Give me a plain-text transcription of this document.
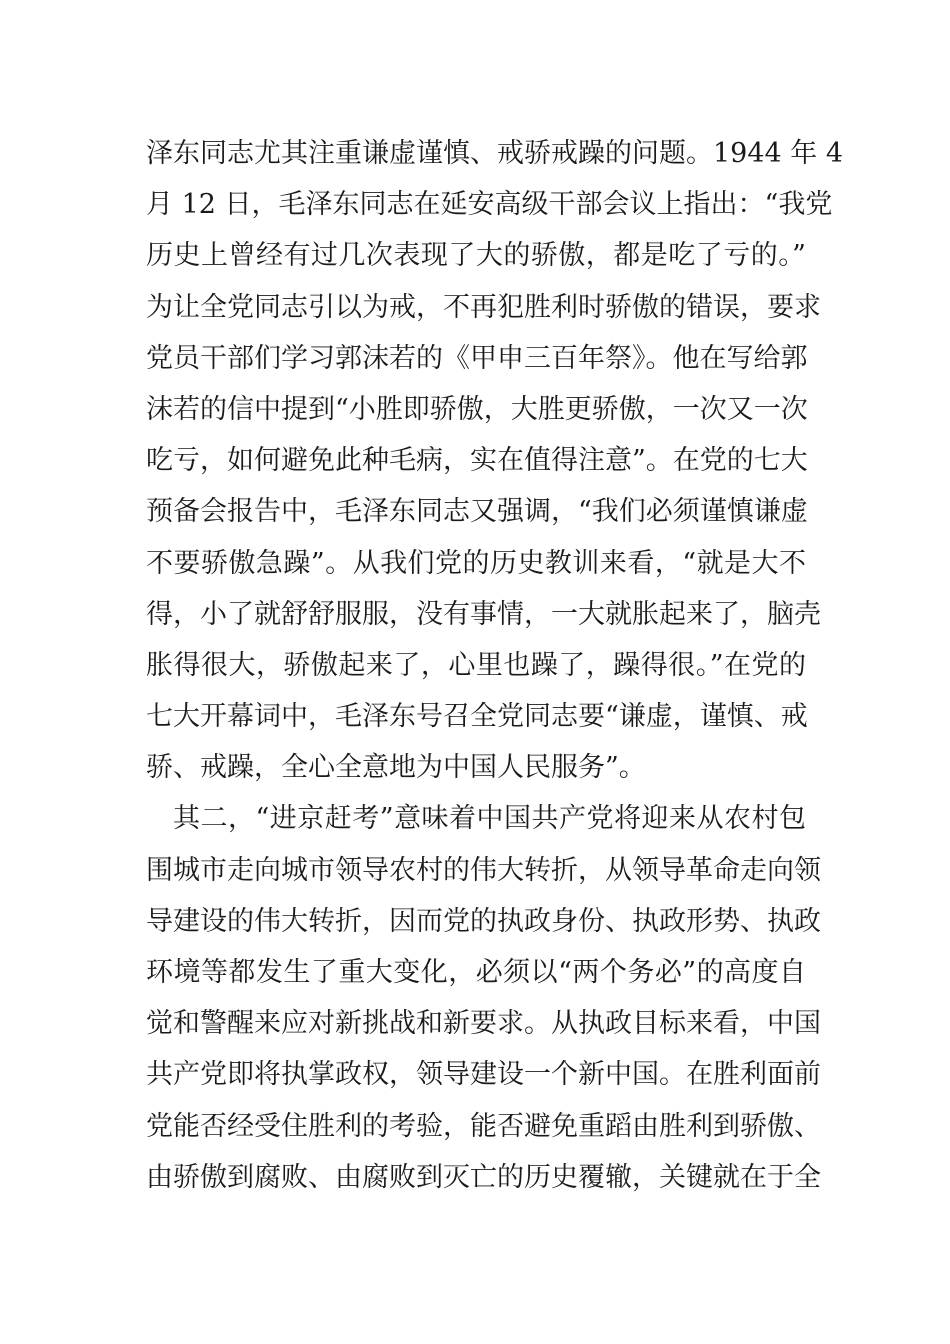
泽东同志尤其注重谦虚谨慎、戒骄戒躁的问题。1944 年 4
月 12 日，毛泽东同志在延安高级干部会议上指出：“我党
历史上曾经有过几次表现了大的骄傲，都是吃了亏的。”
为让全党同志引以为戒，不再犯胜利时骄傲的错误，要求
党员干部们学习郭沫若的《甲申三百年祭》。他在写给郭
沫若的信中提到“小胜即骄傲，大胜更骄傲，一次又一次
吃亏，如何避免此种毛病，实在值得注意”。在党的七大
预备会报告中，毛泽东同志又强调，“我们必须谨慎谦虚
不要骄傲急躁”。从我们党的历史教训来看，“就是大不
得，小了就舒舒服服，没有事情，一大就胀起来了，脑壳
胀得很大，骄傲起来了，心里也躁了，躁得很。”在党的
七大开幕词中，毛泽东号召全党同志要“谦虚，谨慎、戒
骄、戒躁，全心全意地为中国人民服务”。
其二，“进京赶考”意味着中国共产党将迎来从农村包
围城市走向城市领导农村的伟大转折，从领导革命走向领
导建设的伟大转折，因而党的执政身份、执政形势、执政
环境等都发生了重大变化，必须以“两个务必”的高度自
觉和警醒来应对新挑战和新要求。从执政目标来看，中国
共产党即将执掌政权，领导建设一个新中国。在胜利面前
党能否经受住胜利的考验，能否避免重蹈由胜利到骄傲、
由骄傲到腐败、由腐败到灭亡的历史覆辙，关键就在于全
